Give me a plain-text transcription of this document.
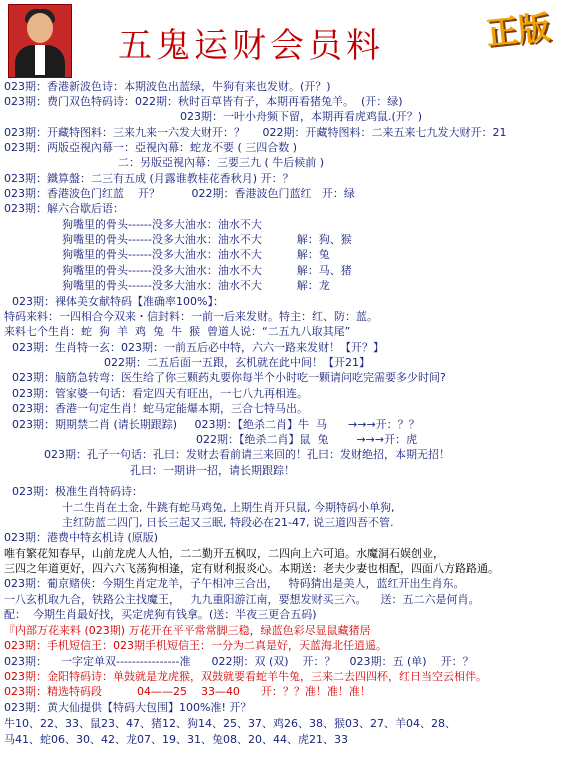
五鬼运财会员料	正版
023期：香港新波色诗：本期波色出蓝绿，牛狗有来也发财。(开？)
023期：费门双色特码诗：022期：秋时百草皆有子，本期再看猪兔羊。  (开：绿)
023期：一叶小舟频下留，本期再看虎鸡鼠.(开？)
023期：开藏特图料：三来九来一六发大财开：？     022期：开藏特图料：二来五来七九发大财开：21
023期：两版亞視內幕一：亞視內幕：蛇龙不要 ( 三四合数 )
二：另版亞視內幕：三要三九 ( 牛后候前 )
023期：鐵算盤：二三有五成 (月露谁教桂花香秋月) 开：？
023期：香港波色门红蓝    开？         022期：香港波色门蓝红   开：绿
023期：解六合歇后语：
狗嘴里的骨头------没多大油水：油水不大
狗嘴里的骨头------没多大油水：油水不大          解：狗、猴
狗嘴里的骨头------没多大油水：油水不大          解：兔
狗嘴里的骨头------没多大油水：油水不大          解：马、猪
狗嘴里的骨头------没多大油水：油水不大          解：龙
023期：裸体美女献特码【准确率100%】：
特码来料：一四相合今双来・信封料：一前一后来发财。特主：红、防：蓝。
来料七个生肖：蛇  狗  羊  鸡  兔  牛  猴  曾道人说：“二五九八取其尾”
023期：生肖特一玄：023期：一前五后必中特，六六一路来发财！【开？】
022期：二五后面一五跟，玄机就在此中间！【开21】
023期：脑筋急转弯：医生给了你三颗药丸要你每半个小时吃一颗请问吃完需要多少时间?
023期：管家婆一句话：看定四天有旺出，一七八九再相连。
023期：香港一句定生肖！蛇马定能爆本期，三合七特马出。
023期：期期禁二肖 (请长期跟踪)     023期：【绝杀二肖】牛  马      →→→开：？？
022期：【绝杀二肖】鼠  兔        →→→开：虎
023期：孔子一句话：孔曰：发财去看前请三来回的！孔曰：发财绝招，本期无招！
孔曰：一期讲一招，请长期跟踪！
023期：极准生肖特码诗：
十二生肖在土金, 牛跳有蛇马鸡兔, 上期生肖开只鼠, 今期特码小单狗,
主红防蓝二四门, 日长三起又三眠, 特段必在21-47, 说三道四吾不管.
023期：港费中特玄机诗 (原版)
唯有繁花知春早，山前龙虎人人怕，二二勤开五枫叹，二四向上六可追。水魔洞石娱创业，
三四之年道更好，四六六飞荡狗相逢，定有财利报炎心。本期送：老夫少妻也相配，四面八方路路通。
023期：葡京赌侠：今期生肖定龙羊，子午相冲三合出，   特码猜出是美人，蓝红开出生肖东。
一八玄机取九合，铁路公主找魔王，   九九重阳游江南，要想发财买三六。    送：五二六是何肖。
配：  今期生肖最好找，买定虎狗有钱拿。(送：半夜三更合五码)
『内部万花来料 (023期) 万花开在平平常常脚三稳，绿蓝色彩尽显鼠藏猪居
023期：手机短信王：023期手机短信王：一分为二真是好，天蓝海北任逍遥。
023期：    一字定单双----------------准      022期：双 (双)    开：？    023期：五 (单)    开：？
023期：金阳特码诗：单鼓就是龙虎猴，双鼓就要看蛇羊牛兔，三来二去四四杯，红日当空云相伴。
023期：精选特码段          04——25    33—40      开：？？准！准！准！
023期：黄大仙提供【特码大包围】100%准! 开？
牛10、22、33、鼠23、47、猪12、狗14、25、37、鸡26、38、猴03、27、羊04、28、
马41、蛇06、30、42、龙07、19、31、兔08、20、44、虎21、33
